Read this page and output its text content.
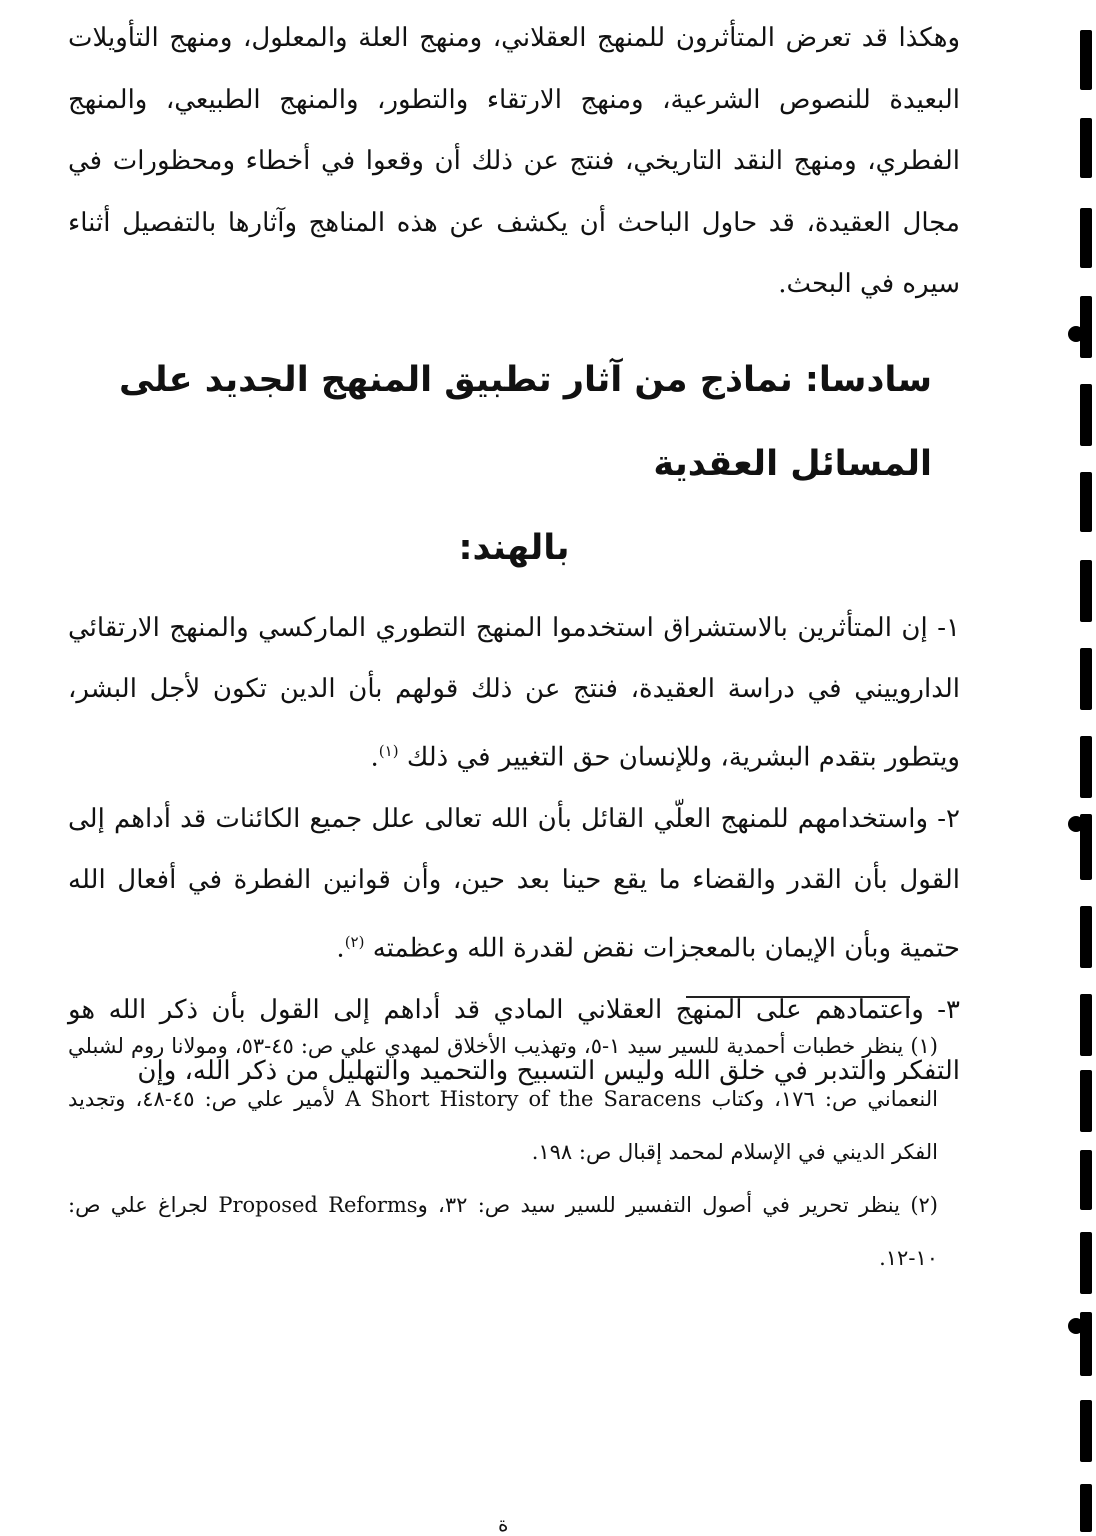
وهكذا قد تعرض المتأثرون للمنهج العقلاني، ومنهج العلة والمعلول، ومنهج التأويلات البعيدة للنصوص الشرعية، ومنهج الارتقاء والتطور، والمنهج الطبيعي، والمنهج الفطري، ومنهج النقد التاريخي، فنتج عن ذلك أن وقعوا في أخطاء ومحظورات في مجال العقيدة، قد حاول الباحث أن يكشف عن هذه المناهج وآثارها بالتفصيل أثناء سيره في البحث.

سادسا: نماذج من آثار تطبيق المنهج الجديد على المسائل العقدية
بالهند:

١- إن المتأثرين بالاستشراق استخدموا المنهج التطوري الماركسي والمنهج الارتقائي الداروييني في دراسة العقيدة، فنتج عن ذلك قولهم بأن الدين تكون لأجل البشر، ويتطور بتقدم البشرية، وللإنسان حق التغيير في ذلك $^{(١)}$.

٢- واستخدامهم للمنهج العلّي القائل بأن الله تعالى علل جميع الكائنات قد أداهم إلى القول بأن القدر والقضاء ما يقع حينا بعد حين، وأن قوانين الفطرة في أفعال الله حتمية وبأن الإيمان بالمعجزات نقض لقدرة الله وعظمته $^{(٢)}$.

٣- واعتمادهم على المنهج العقلاني المادي قد أداهم إلى القول بأن ذكر الله هو التفكر والتدبر في خلق الله وليس التسبيح والتحميد والتهليل من ذكر الله، وإن

(١) ينظر خطبات أحمدية للسير سيد ١-٥، وتهذيب الأخلاق لمهدي علي ص: ٤٥-٥٣، ومولانا روم لشبلي النعماني ص: ١٧٦، وكتاب A Short History of the Saracens لأمير علي ص: ٤٥-٤٨، وتجديد الفكر الديني في الإسلام لمحمد إقبال ص: ١٩٨.

(٢) ينظر تحرير في أصول التفسير للسير سيد ص: ٣٢، وProposed Reforms لجراغ علي ص: ١٠-١٢.

ة
